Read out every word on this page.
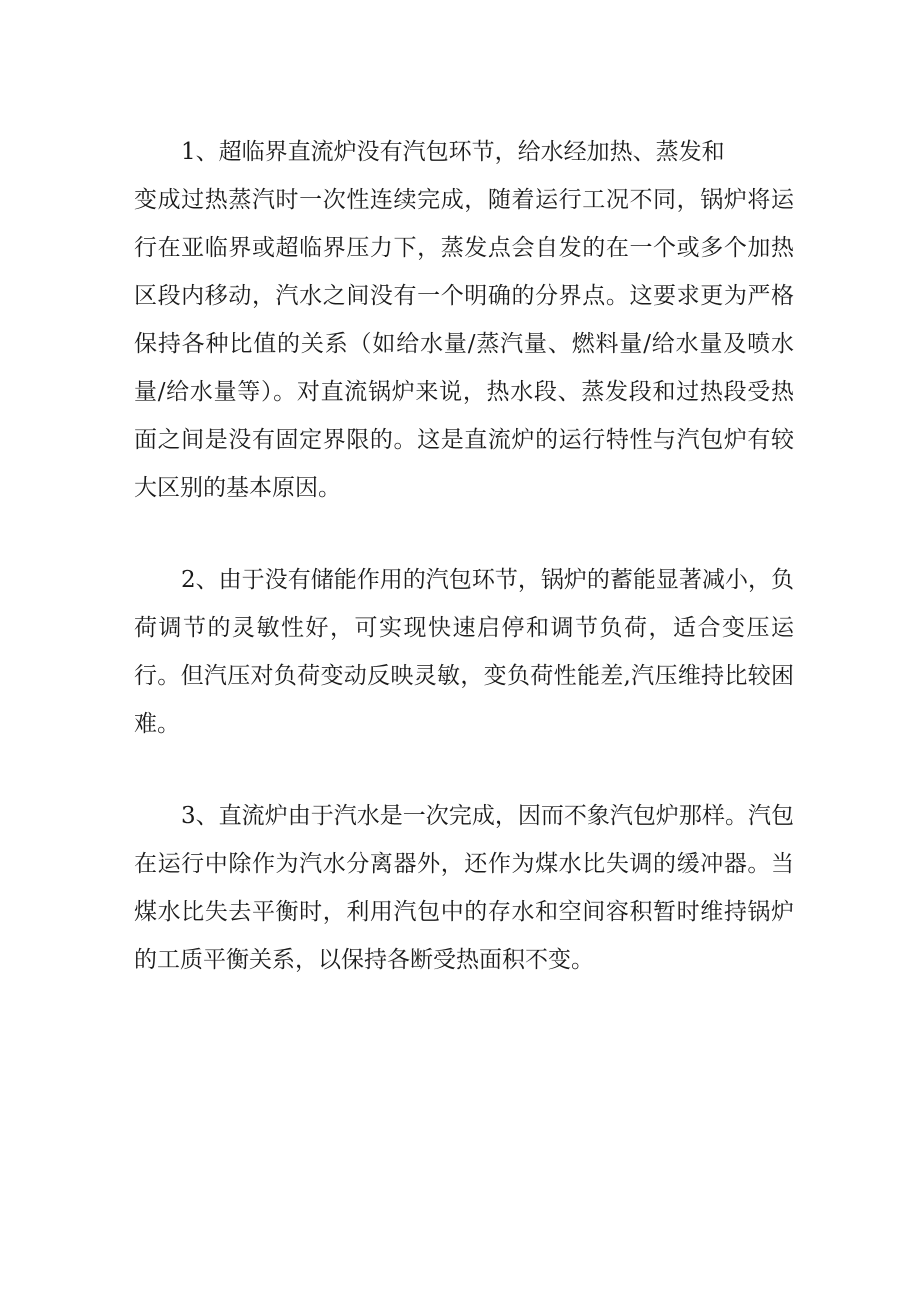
1、超临界直流炉没有汽包环节，给水经加热、蒸发和
变成过热蒸汽时一次性连续完成，随着运行工况不同，锅炉将运行在亚临界或超临界压力下，蒸发点会自发的在一个或多个加热区段内移动，汽水之间没有一个明确的分界点。这要求更为严格保持各种比值的关系（如给水量/蒸汽量、燃料量/给水量及喷水量/给水量等）。对直流锅炉来说，热水段、蒸发段和过热段受热面之间是没有固定界限的。这是直流炉的运行特性与汽包炉有较大区别的基本原因。

2、由于没有储能作用的汽包环节，锅炉的蓄能显著减小，负荷调节的灵敏性好，可实现快速启停和调节负荷，适合变压运行。但汽压对负荷变动反映灵敏，变负荷性能差,汽压维持比较困难。

3、直流炉由于汽水是一次完成，因而不象汽包炉那样。汽包在运行中除作为汽水分离器外，还作为煤水比失调的缓冲器。当煤水比失去平衡时，利用汽包中的存水和空间容积暂时维持锅炉的工质平衡关系，以保持各断受热面积不变。
